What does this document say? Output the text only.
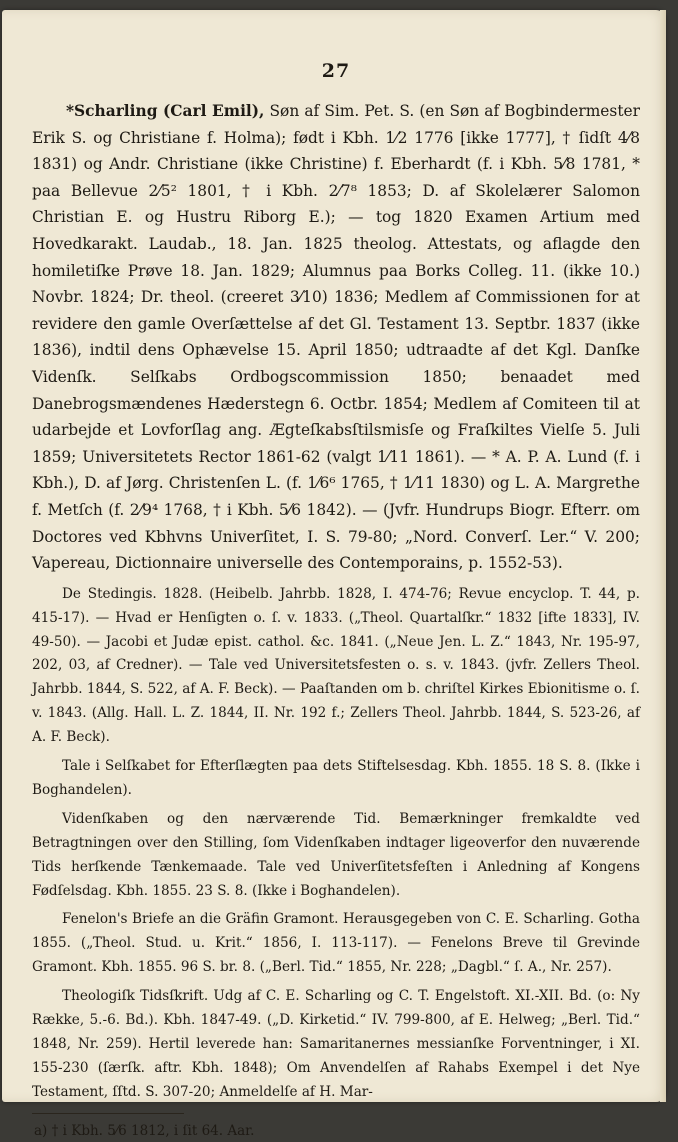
27

*Scharling (Carl Emil), Søn af Sim. Pet. S. (en Søn af Bogbindermester Erik S. og Christiane f. Holma); født i Kbh. 1⁄2 1776 [ikke 1777], † ſidſt 4⁄8 1831) og Andr. Christiane (ikke Christine) f. Eberhardt (f. i Kbh. 5⁄8 1781, * paa Bellevue 2⁄5² 1801, † i Kbh. 2⁄7⁸ 1853; D. af Skolelærer Salomon Christian E. og Hustru Riborg E.); — tog 1820 Examen Artium med Hovedkarakt. Laudab., 18. Jan. 1825 theolog. Attestats, og aflagde den homiletiſke Prøve 18. Jan. 1829; Alumnus paa Borks Colleg. 11. (ikke 10.) Novbr. 1824; Dr. theol. (creeret 3⁄10) 1836; Medlem af Commissionen for at revidere den gamle Overſættelse af det Gl. Testament 13. Septbr. 1837 (ikke 1836), indtil dens Ophævelse 15. April 1850; udtraadte af det Kgl. Danſke Videnſk. Selſkabs Ordbogscommission 1850; benaadet med Danebrogsmændenes Hæderstegn 6. Octbr. 1854; Medlem af Comiteen til at udarbejde et Lovforſlag ang. Ægteſkabsſtilsmisſe og Fraſkiltes Vielſe 5. Juli 1859; Universitetets Rector 1861-62 (valgt 1⁄11 1861). — * A. P. A. Lund (f. i Kbh.), D. af Jørg. Christenſen L. (f. 1⁄6⁶ 1765, † 1⁄11 1830) og L. A. Margrethe f. Metſch (f. 2⁄9⁴ 1768, † i Kbh. 5⁄6 1842). — (Jvfr. Hundrups Biogr. Efterr. om Doctores ved Kbhvns Univerſitet, I. S. 79-80; „Nord. Converſ. Ler.“ V. 200; Vapereau, Dictionnaire universelle des Contemporains, p. 1552-53).

De Stedingis. 1828. (Heibelb. Jahrbb. 1828, I. 474-76; Revue encyclop. T. 44, p. 415-17). — Hvad er Henſigten o. ſ. v. 1833. („Theol. Quartalſkr.“ 1832 [ifte 1833], IV. 49-50). — Jacobi et Judæ epist. cathol. &c. 1841. („Neue Jen. L. Z.“ 1843, Nr. 195-97, 202, 03, af Credner). — Tale ved Universitetsfesten o. s. v. 1843. (jvfr. Zellers Theol. Jahrbb. 1844, S. 522, af A. F. Beck). — Paaſtanden om b. chriſtel Kirkes Ebionitisme o. ſ. v. 1843. (Allg. Hall. L. Z. 1844, II. Nr. 192 f.; Zellers Theol. Jahrbb. 1844, S. 523-26, af A. F. Beck).

Tale i Selſkabet for Efterſlægten paa dets Stiftelsesdag. Kbh. 1855. 18 S. 8. (Ikke i Boghandelen).

Videnſkaben og den nærværende Tid. Bemærkninger fremkaldte ved Betragtningen over den Stilling, ſom Videnſkaben indtager ligeoverfor den nuværende Tids herſkende Tænkemaade. Tale ved Univerſitetsfeſten i Anledning af Kongens Fødſelsdag. Kbh. 1855. 23 S. 8. (Ikke i Boghandelen).

Fenelon's Briefe an die Gräfin Gramont. Herausgegeben von C. E. Scharling. Gotha 1855. („Theol. Stud. u. Krit.“ 1856, I. 113-117). — Fenelons Breve til Grevinde Gramont. Kbh. 1855. 96 S. br. 8. („Berl. Tid.“ 1855, Nr. 228; „Dagbl.“ ſ. A., Nr. 257).

Theologiſk Tidsſkrift. Udg af C. E. Scharling og C. T. Engelstoft. XI.-XII. Bd. (o: Ny Række, 5.-6. Bd.). Kbh. 1847-49. („D. Kirketid.“ IV. 799-800, af E. Helweg; „Berl. Tid.“ 1848, Nr. 259). Hertil leverede han: Samaritanernes messianſke Forventninger, i XI. 155-230 (ſærſk. aftr. Kbh. 1848); Om Anvendelſen af Rahabs Exempel i det Nye Testament, ſſtd. S. 307-20; Anmeldelſe af H. Mar-

a) † i Kbh. 5⁄6 1812, i ſit 64. Aar.
